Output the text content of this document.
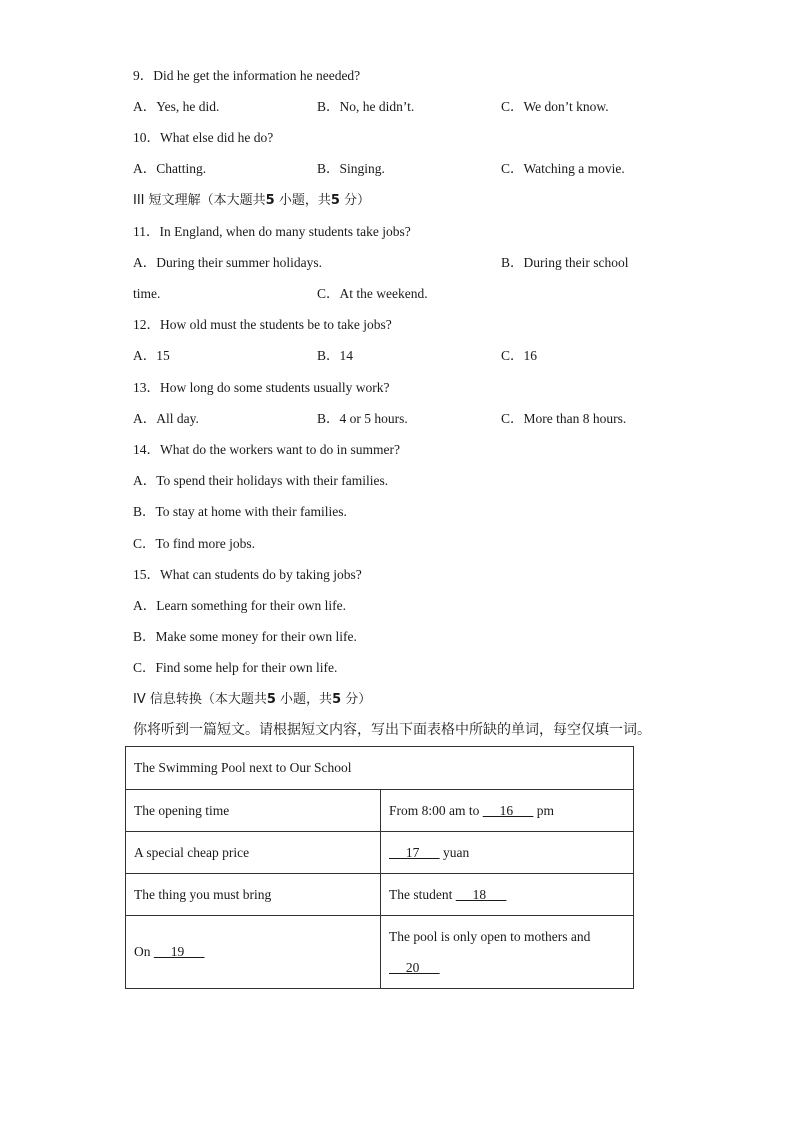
9．Did he get the information he needed?
A．Yes, he did.	B．No, he didn’t.	C．We don’t know.
10．What else did he do?
A．Chatting.	B．Singing.	C．Watching a movie.
III 短文理解（本大题共5 小题，共5 分）
11．In England, when do many students take jobs?
A．During their summer holidays.	B．During their school
time.	C．At the weekend.
12．How old must the students be to take jobs?
A．15	B．14	C．16
13．How long do some students usually work?
A．All day.	B．4 or 5 hours.	C．More than 8 hours.
14．What do the workers want to do in summer?
A．To spend their holidays with their families.
B．To stay at home with their families.
C．To find more jobs.
15．What can students do by taking jobs?
A．Learn something for their own life.
B．Make some money for their own life.
C．Find some help for their own life.
IV 信息转换（本大题共5 小题，共5 分）
你将听到一篇短文。请根据短文内容，写出下面表格中所缺的单词，每空仅填一词。
The Swimming Pool next to Our School	
The opening time	From 8:00 am to      16       pm
A special cheap price	17       yuan
The thing you must bring	The student      18
On      19	The pool is only open to mothers and
20
